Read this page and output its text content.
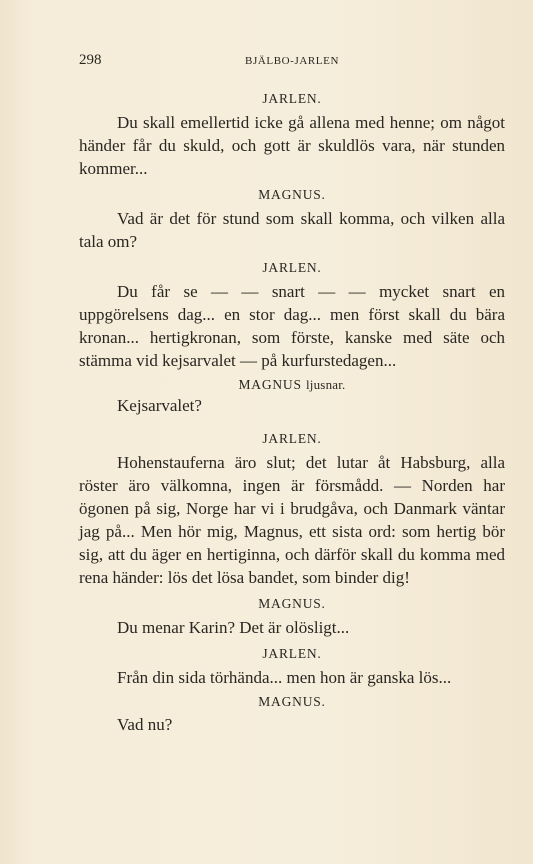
298	BJÄLBO-JARLEN
JARLEN.

Du skall emellertid icke gå allena med henne; om något händer får du skuld, och gott är skuldlös vara, när stunden kommer...

MAGNUS.

Vad är det för stund som skall komma, och vilken alla tala om?

JARLEN.

Du får se — — snart — — mycket snart en uppgörelsens dag... en stor dag... men först skall du bära kronan... hertigkronan, som förste, kanske med säte och stämma vid kejsarvalet — på kurfurstedagen...

MAGNUS ljusnar.

Kejsarvalet?

JARLEN.

Hohenstauferna äro slut; det lutar åt Habsburg, alla röster äro välkomna, ingen är försmådd. — Norden har ögonen på sig, Norge har vi i brudgåva, och Danmark väntar jag på... Men hör mig, Magnus, ett sista ord: som hertig bör sig, att du äger en hertiginna, och därför skall du komma med rena händer: lös det lösa bandet, som binder dig!

MAGNUS.

Du menar Karin? Det är olösligt...

JARLEN.

Från din sida törhända... men hon är ganska lös...

MAGNUS.

Vad nu?
